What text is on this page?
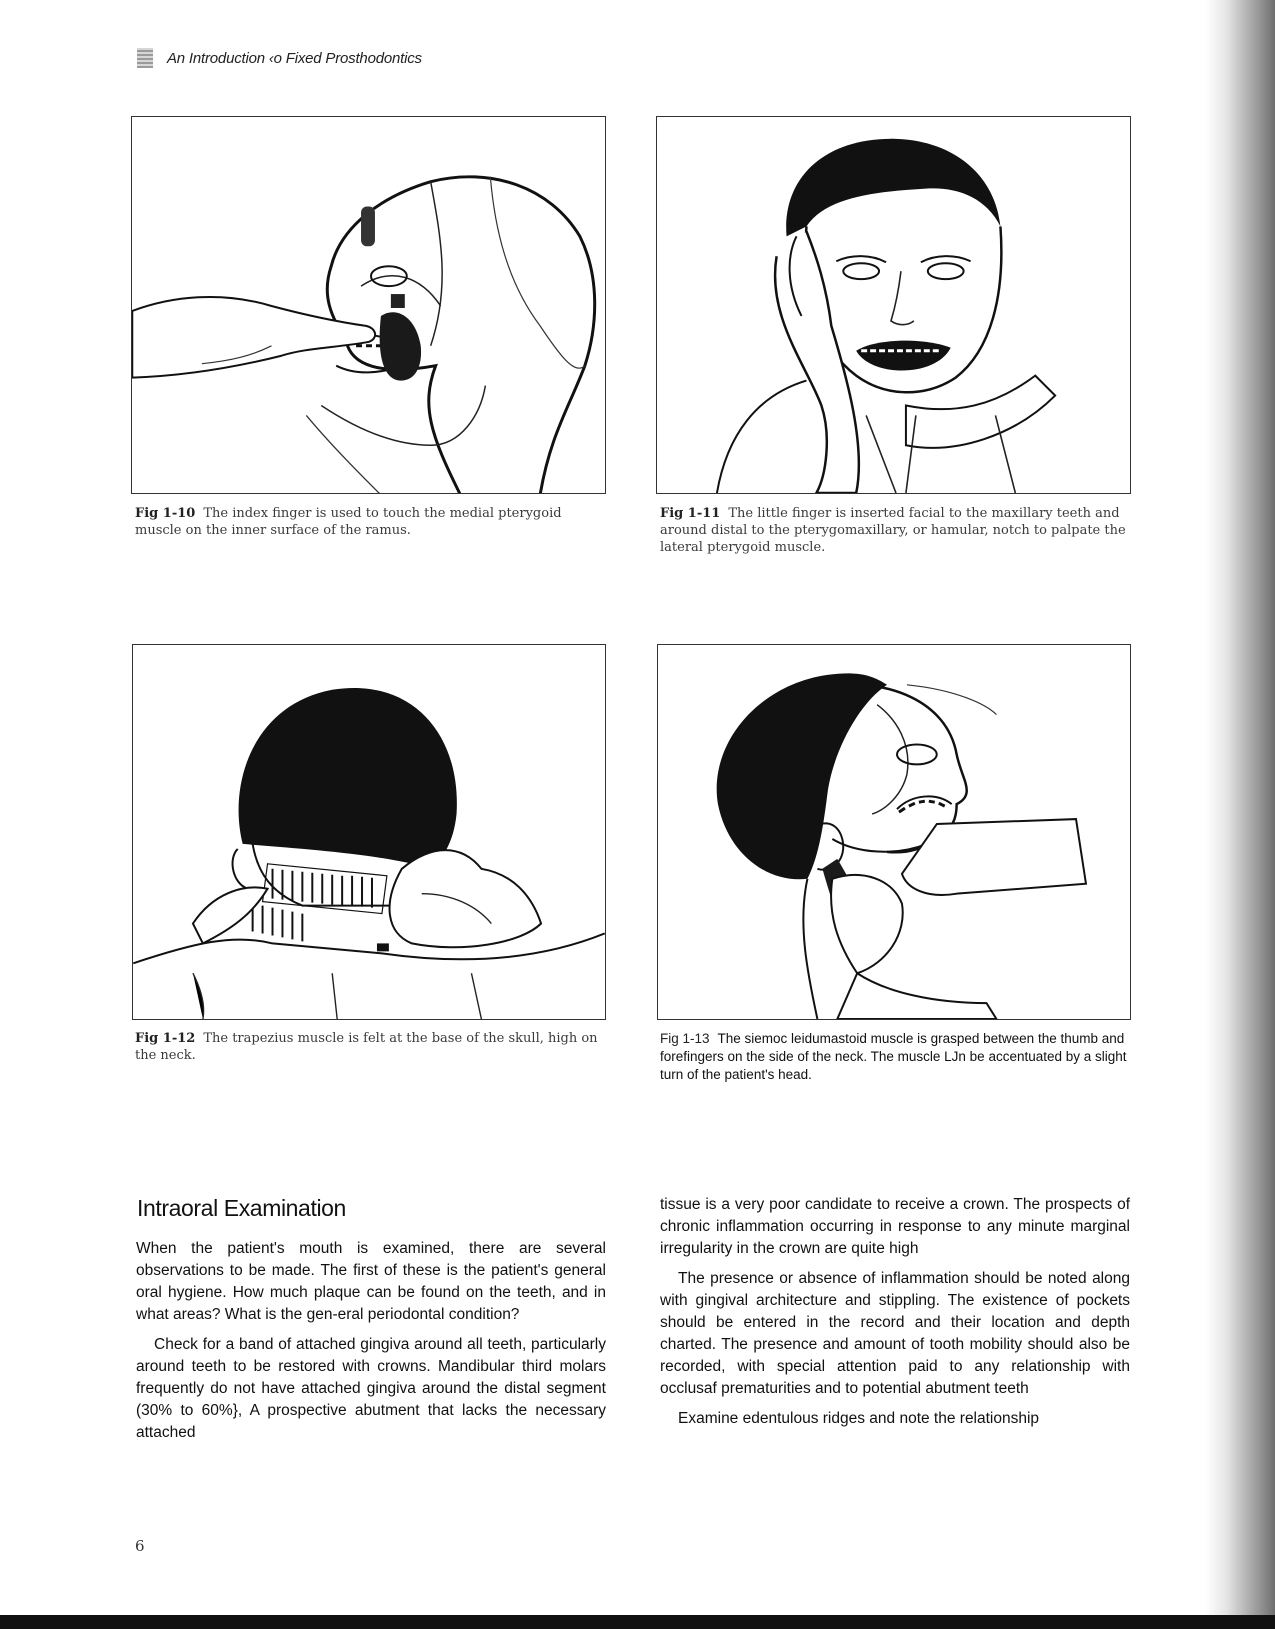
An Introduction ‹o Fixed Prosthodontics
Fig 1-10 The index finger is used to touch the medial pterygoid muscle on the inner surface of the ramus.
Fig 1-11 The little finger is inserted facial to the maxillary teeth and around distal to the pterygomaxillary, or hamular, notch to palpate the lateral pterygoid muscle.
Fig 1-12 The trapezius muscle is felt at the base of the skull, high on the neck.
Fig 1-13 The siemoc leidumastoid muscle is grasped between the thumb and forefingers on the side of the neck. The muscle LJn be accentuated by a slight turn of the patient's head.
Intraoral Examination

When the patient's mouth is examined, there are several observations to be made. The first of these is the patient's general oral hygiene. How much plaque can be found on the teeth, and in what areas? What is the gen-eral periodontal condition?

Check for a band of attached gingiva around all teeth, particularly around teeth to be restored with crowns. Mandibular third molars frequently do not have attached gingiva around the distal segment (30% to 60%}, A prospective abutment that lacks the necessary attached

tissue is a very poor candidate to receive a crown. The prospects of chronic inflammation occurring in response to any minute marginal irregularity in the crown are quite high

The presence or absence of inflammation should be noted along with gingival architecture and stippling. The existence of pockets should be entered in the record and their location and depth charted. The presence and amount of tooth mobility should also be recorded, with special attention paid to any relationship with occlusaf prematurities and to potential abutment teeth

Examine edentulous ridges and note the relationship

6
